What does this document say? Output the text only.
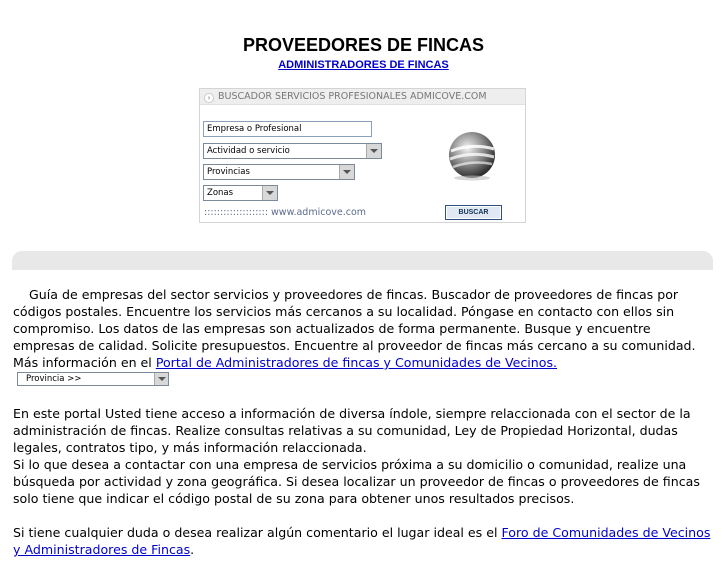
PROVEEDORES DE FINCAS
ADMINISTRADORES DE FINCAS
› BUSCADOR SERVICIOS PROFESIONALES ADMICOVE.COM
Empresa o Profesional
Actividad o servicio
Provincias
Zonas
:::::::::::::::::::: www.admicove.com	BUSCAR

Guía de empresas del sector servicios y proveedores de fincas. Buscador de proveedores de fincas por códigos postales. Encuentre los servicios más cercanos a su localidad. Póngase en contacto con ellos sin compromiso. Los datos de las empresas son actualizados de forma permanente. Busque y encuentre empresas de calidad. Solicite presupuestos. Encuentre al proveedor de fincas más cercano a su comunidad. Más información en el Portal de Administradores de fincas y Comunidades de Vecinos.Provincia >>

En este portal Usted tiene acceso a información de diversa índole, siempre relaccionada con el sector de la administración de fincas. Realize consultas relativas a su comunidad, Ley de Propiedad Horizontal, dudas legales, contratos tipo, y más información relaccionada.
Si lo que desea a contactar con una empresa de servicios próxima a su domicilio o comunidad, realize una búsqueda por actividad y zona geográfica. Si desea localizar un proveedor de fincas o proveedores de fincas solo tiene que indicar el código postal de su zona para obtener unos resultados precisos.

Si tiene cualquier duda o desea realizar algún comentario el lugar ideal es el Foro de Comunidades de Vecinos y Administradores de Fincas.
